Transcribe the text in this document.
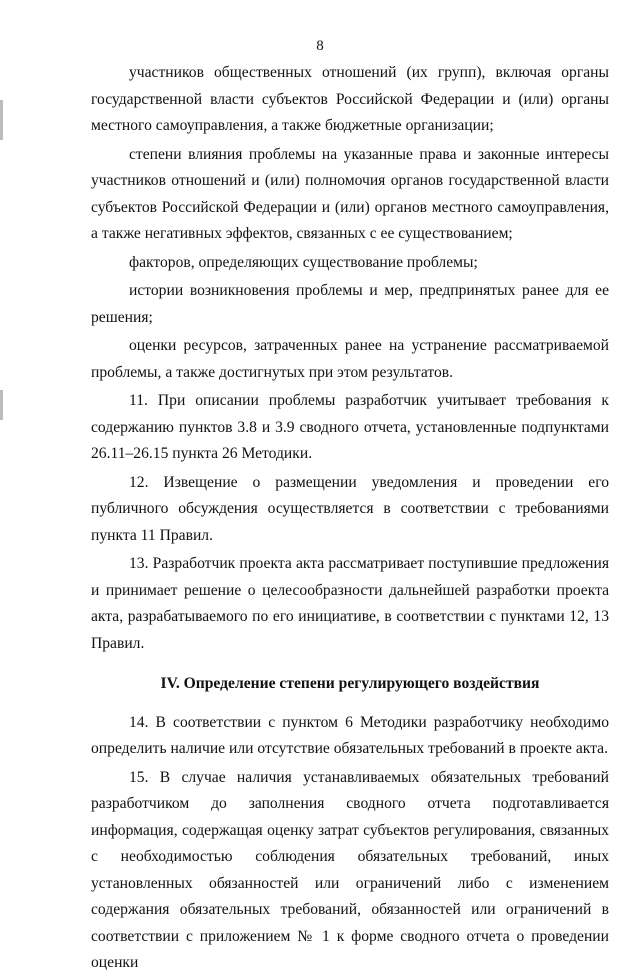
8

участников общественных отношений (их групп), включая органы государственной власти субъектов Российской Федерации и (или) органы местного самоуправления, а также бюджетные организации;

степени влияния проблемы на указанные права и законные интересы участников отношений и (или) полномочия органов государственной власти субъектов Российской Федерации и (или) органов местного самоуправления, а также негативных эффектов, связанных с ее существованием;

факторов, определяющих существование проблемы;

истории возникновения проблемы и мер, предпринятых ранее для ее решения;

оценки ресурсов, затраченных ранее на устранение рассматриваемой проблемы, а также достигнутых при этом результатов.

11. При описании проблемы разработчик учитывает требования к содержанию пунктов 3.8 и 3.9 сводного отчета, установленные подпунктами 26.11–26.15 пункта 26 Методики.

12. Извещение о размещении уведомления и проведении его публичного обсуждения осуществляется в соответствии с требованиями пункта 11 Правил.

13. Разработчик проекта акта рассматривает поступившие предложения и принимает решение о целесообразности дальнейшей разработки проекта акта, разрабатываемого по его инициативе, в соответствии с пунктами 12, 13 Правил.

IV. Определение степени регулирующего воздействия

14. В соответствии с пунктом 6 Методики разработчику необходимо определить наличие или отсутствие обязательных требований в проекте акта.

15. В случае наличия устанавливаемых обязательных требований разработчиком до заполнения сводного отчета подготавливается информация, содержащая оценку затрат субъектов регулирования, связанных с необходимостью соблюдения обязательных требований, иных установленных обязанностей или ограничений либо с изменением содержания обязательных требований, обязанностей или ограничений в соответствии с приложением № 1 к форме сводного отчета о проведении оценки
